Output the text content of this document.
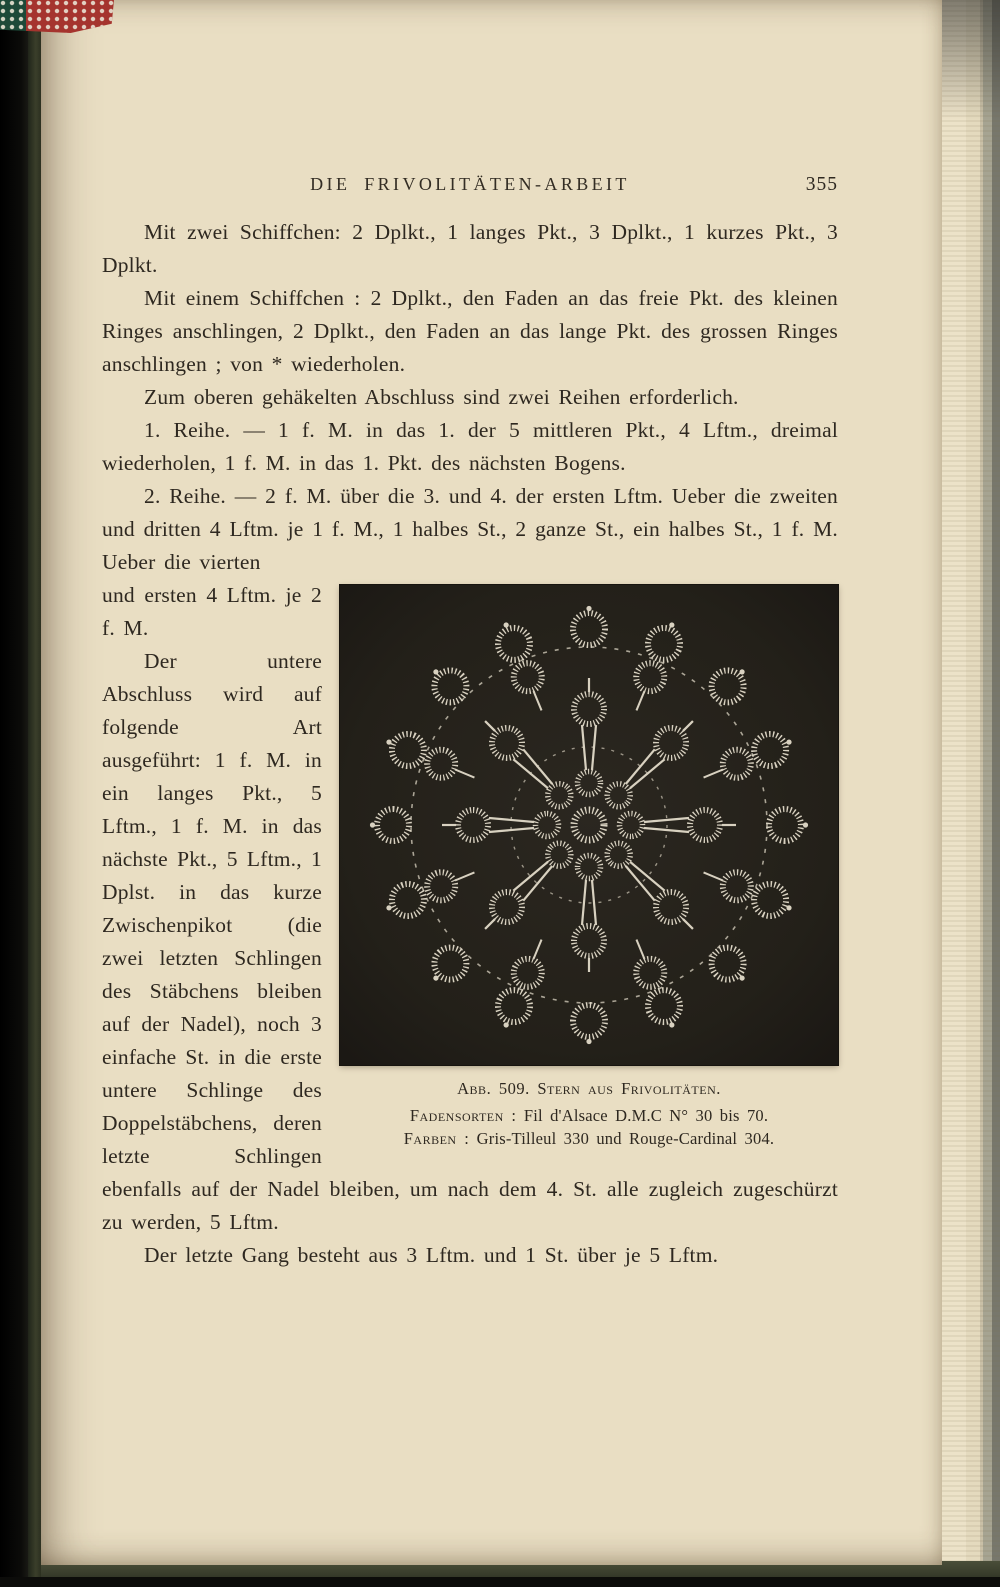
DIE FRIVOLITÄTEN-ARBEIT	355

Mit zwei Schiffchen: 2 Dplkt., 1 langes Pkt., 3 Dplkt., 1 kurzes Pkt., 3 Dplkt.

Mit einem Schiffchen : 2 Dplkt., den Faden an das freie Pkt. des kleinen Ringes anschlingen, 2 Dplkt., den Faden an das lange Pkt. des grossen Ringes anschlingen ; von * wiederholen.

Zum oberen gehäkelten Abschluss sind zwei Reihen erforderlich.

1. Reihe. — 1 f. M. in das 1. der 5 mittleren Pkt., 4 Lftm., dreimal wiederholen, 1 f. M. in das 1. Pkt. des nächsten Bogens.

2. Reihe. — 2 f. M. über die 3. und 4. der ersten Lftm. Ueber die zweiten und dritten 4 Lftm. je 1 f. M., 1 halbes St., 2 ganze St., ein halbes St., 1 f. M. Ueber die vierten

Abb. 509. Stern aus Frivolitäten.
Fadensorten : Fil d'Alsace D.M.C N° 30 bis 70.
Farben : Gris-Tilleul 330 und Rouge-Cardinal 304.

und ersten 4 Lftm. je 2 f. M.

Der untere Abschluss wird auf folgende Art ausgeführt: 1 f. M. in ein langes Pkt., 5 Lftm., 1 f. M. in das nächste Pkt., 5 Lftm., 1 Dplst. in das kurze Zwischenpikot (die zwei letzten Schlingen des Stäbchens bleiben auf der Nadel), noch 3 einfache St. in die erste untere Schlinge des Doppelstäbchens, deren letzte Schlingen ebenfalls auf der Nadel bleiben, um nach dem 4. St. alle zugleich zugeschürzt zu werden, 5 Lftm.

Der letzte Gang besteht aus 3 Lftm. und 1 St. über je 5 Lftm.
